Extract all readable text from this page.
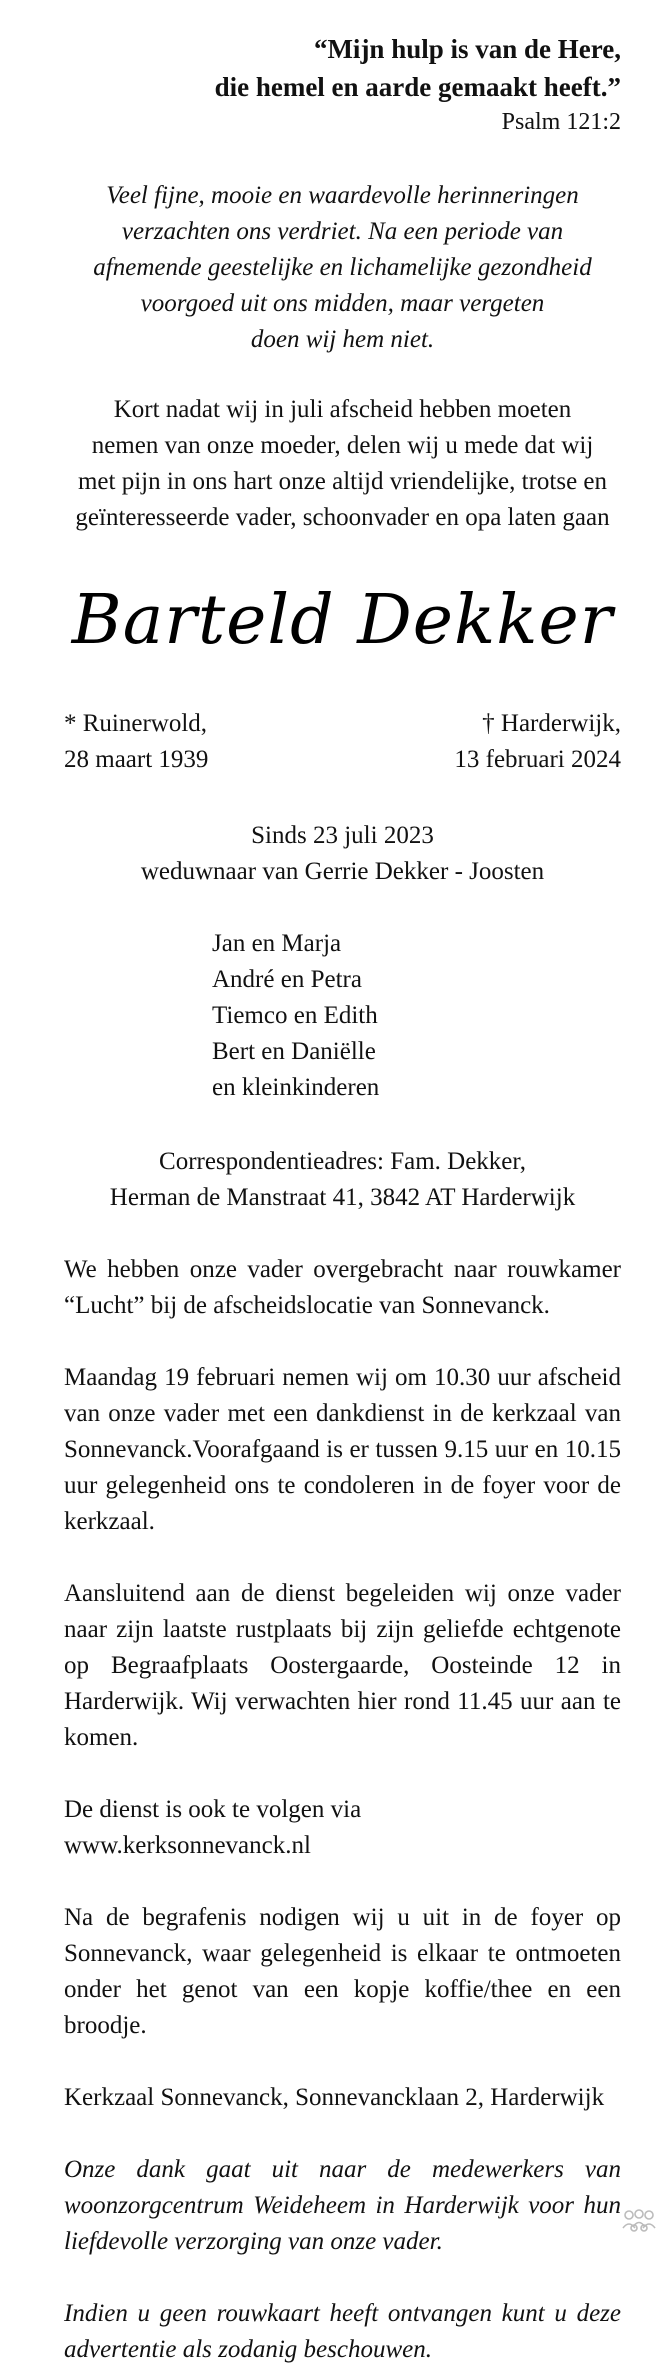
“Mijn hulp is van de Here,
die hemel en aarde gemaakt heeft.”
Psalm 121:2
Veel fijne, mooie en waardevolle herinneringen
verzachten ons verdriet. Na een periode van
afnemende geestelijke en lichamelijke gezondheid
voorgoed uit ons midden, maar vergeten
doen wij hem niet.
Kort nadat wij in juli afscheid hebben moeten
nemen van onze moeder, delen wij u mede dat wij
met pijn in ons hart onze altijd vriendelijke, trotse en
geïnteresseerde vader, schoonvader en opa laten gaan
Barteld Dekker
* Ruinerwold,
28 maart 1939
† Harderwijk,
13 februari 2024
Sinds 23 juli 2023
weduwnaar van Gerrie Dekker - Joosten
Jan en Marja
André en Petra
Tiemco en Edith
Bert en Daniëlle
en kleinkinderen
Correspondentieadres: Fam. Dekker,
Herman de Manstraat 41, 3842 AT Harderwijk
We hebben onze vader overgebracht naar rouwkamer “Lucht” bij de afscheidslocatie van Sonnevanck.
Maandag 19 februari nemen wij om 10.30 uur afscheid van onze vader met een dankdienst in de kerkzaal van Sonnevanck.Voorafgaand is er tussen 9.15 uur en 10.15 uur gelegenheid ons te condoleren in de foyer voor de kerkzaal.
Aansluitend aan de dienst begeleiden wij onze vader naar zijn laatste rustplaats bij zijn geliefde echtgenote op Begraafplaats Oostergaarde, Oosteinde 12 in Harderwijk. Wij verwachten hier rond 11.45 uur aan te komen.
De dienst is ook te volgen via
www.kerksonnevanck.nl
Na de begrafenis nodigen wij u uit in de foyer op Sonnevanck, waar gelegenheid is elkaar te ontmoeten onder het genot van een kopje koffie/thee en een broodje.
Kerkzaal Sonnevanck, Sonnevancklaan 2, Harderwijk
Onze dank gaat uit naar de medewerkers van woonzorgcentrum Weideheem in Harderwijk voor hun liefdevolle verzorging van onze vader.
Indien u geen rouwkaart heeft ontvangen kunt u deze advertentie als zodanig beschouwen.
